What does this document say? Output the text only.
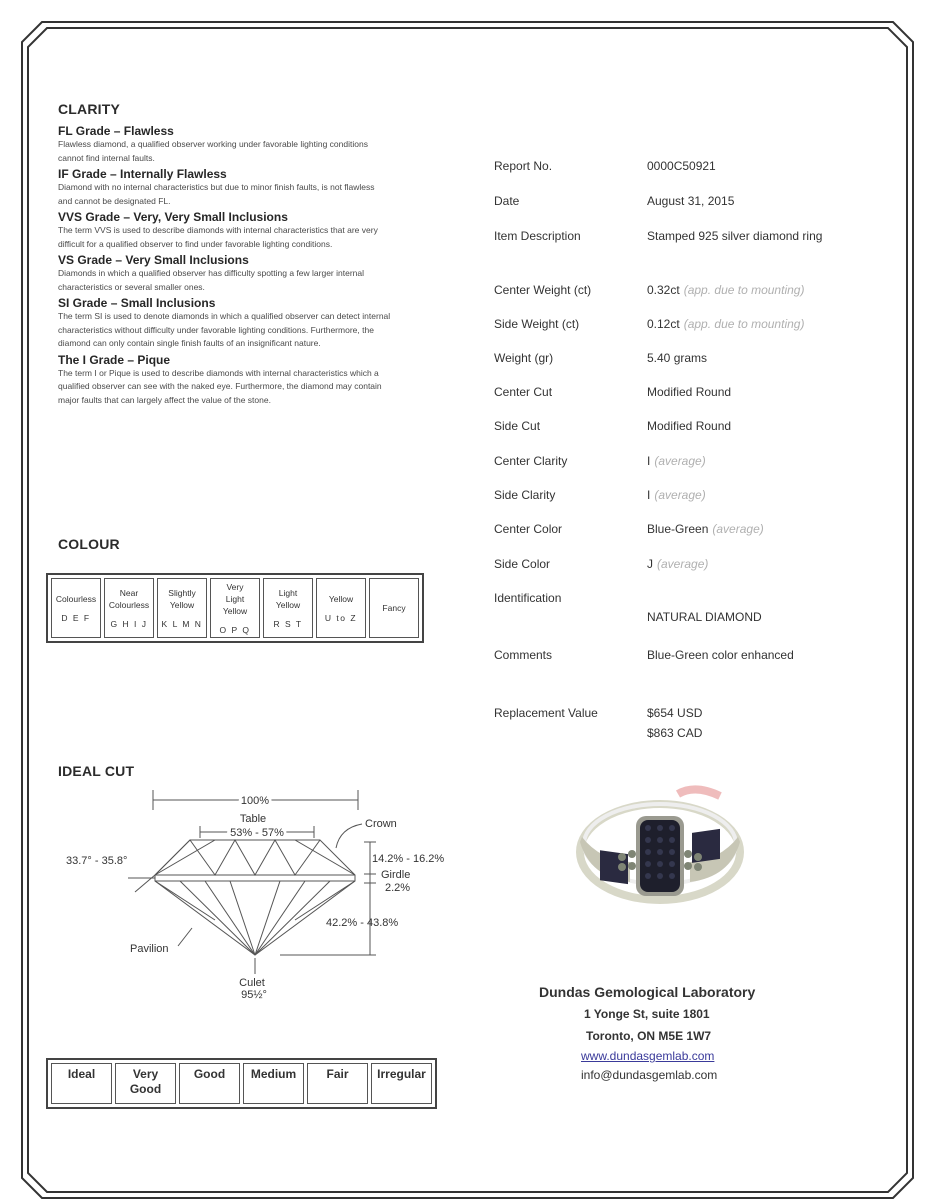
CLARITY
FL Grade – Flawless
Flawless diamond, a qualified observer working under favorable lighting conditions
cannot find internal faults.
IF Grade – Internally Flawless
Diamond with no internal characteristics but due to minor finish faults, is not flawless
and cannot be designated FL.
VVS Grade – Very, Very Small Inclusions
The term VVS is used to describe diamonds with internal characteristics that are very
difficult for a qualified observer to find under favorable lighting conditions.
VS Grade – Very Small Inclusions
Diamonds in which a qualified observer has difficulty spotting a few larger internal
characteristics or several smaller ones.
SI Grade – Small Inclusions
The term SI is used to denote diamonds in which a qualified observer can detect internal
characteristics without difficulty under favorable lighting conditions. Furthermore, the
diamond can only contain single finish faults of an insignificant nature.
The I Grade – Pique
The term I or Pique is used to describe diamonds with internal characteristics which a
qualified observer can see with the naked eye. Furthermore, the diamond may contain
major faults that can largely affect the value of the stone.
COLOUR
Colourless
D E F

Near
Colourless
G H I J

Slightly
Yellow
K L M N

Very
Light
Yellow
O P Q

Light
Yellow
R S T

Yellow
U to Z

Fancy
IDEAL CUT
100%
Table
53% - 57%
Crown
33.7° - 35.8°	14.2% - 16.2%
Girdle
2.2%
42.2% - 43.8%
Pavilion
Culet
95½°
Ideal	Very
Good

Good	Medium	Fair	Irregular
Report No.	0000C50921
Date	August 31, 2015
Item Description	Stamped 925 silver diamond ring
Center Weight (ct)	0.32ct (app. due to mounting)
Side Weight (ct)	0.12ct (app. due to mounting)
Weight (gr)	5.40 grams
Center Cut	Modified Round
Side Cut	Modified Round
Center Clarity	I (average)
Side Clarity	I (average)
Center Color	Blue-Green (average)
Side Color	J (average)
Identification
NATURAL DIAMOND
Comments	Blue-Green color enhanced
Replacement Value	$654 USD
$863 CAD
Dundas Gemological Laboratory
1 Yonge St, suite 1801
Toronto, ON M5E 1W7
www.dundasgemlab.com
info@dundasgemlab.com
